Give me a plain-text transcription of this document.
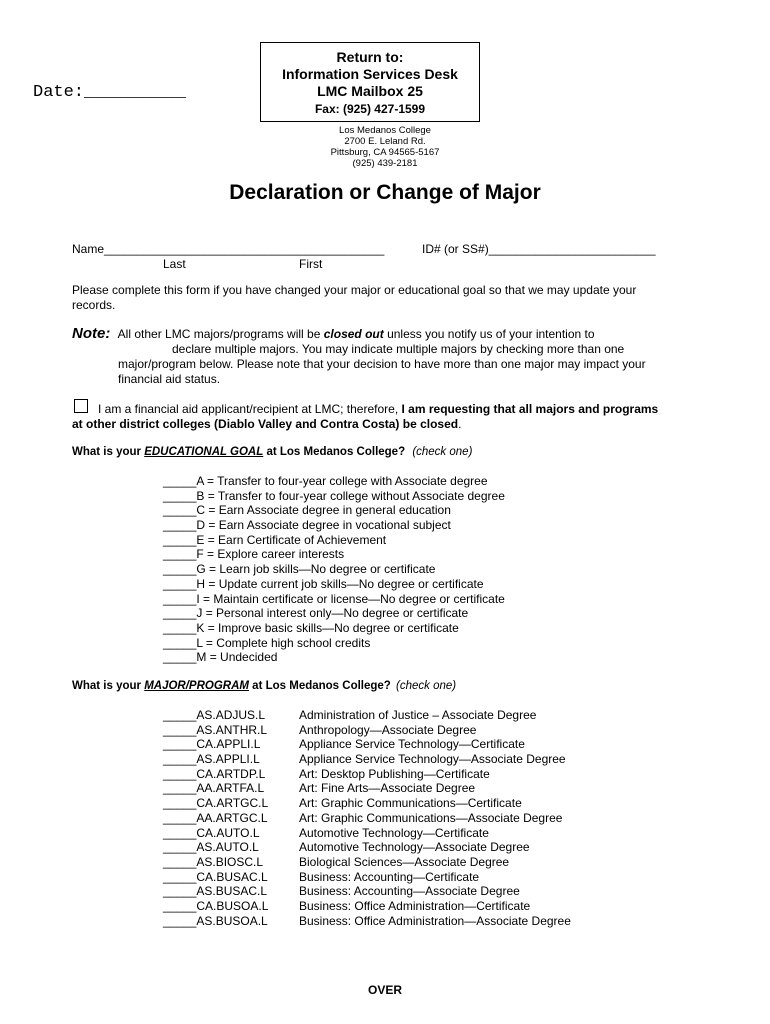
Date:__________
Return to:
Information Services Desk
LMC Mailbox 25
Fax: (925) 427-1599
Los Medanos College
2700 E. Leland Rd.
Pittsburg, CA 94565-5167
(925) 439-2181
Declaration or Change of Major
Name__________________________________________	ID# (or SS#)_________________________
Last	First
Please complete this form if you have changed your major or educational goal so that we may update your
records.
Note: All other LMC majors/programs will be closed out unless you notify us of your intention to
declare multiple majors. You may indicate multiple majors by checking more than one
major/program below. Please note that your decision to have more than one major may impact your
financial aid status.
I am a financial aid applicant/recipient at LMC; therefore, I am requesting that all majors and programs
at other district colleges (Diablo Valley and Contra Costa) be closed.
What is your EDUCATIONAL GOAL at Los Medanos College? (check one)
_____A = Transfer to four-year college with Associate degree
_____B = Transfer to four-year college without Associate degree
_____C = Earn Associate degree in general education
_____D = Earn Associate degree in vocational subject
_____E = Earn Certificate of Achievement
_____F = Explore career interests
_____G = Learn job skills—No degree or certificate
_____H = Update current job skills—No degree or certificate
_____I = Maintain certificate or license—No degree or certificate
_____J = Personal interest only—No degree or certificate
_____K = Improve basic skills—No degree or certificate
_____L = Complete high school credits
_____M = Undecided
What is your MAJOR/PROGRAM at Los Medanos College? (check one)
_____AS.ADJUS.L	Administration of Justice – Associate Degree
_____AS.ANTHR.L	Anthropology—Associate Degree
_____CA.APPLI.L	Appliance Service Technology—Certificate
_____AS.APPLI.L	Appliance Service Technology—Associate Degree
_____CA.ARTDP.L	Art: Desktop Publishing—Certificate
_____AA.ARTFA.L	Art: Fine Arts—Associate Degree
_____CA.ARTGC.L	Art: Graphic Communications—Certificate
_____AA.ARTGC.L	Art: Graphic Communications—Associate Degree
_____CA.AUTO.L	Automotive Technology—Certificate
_____AS.AUTO.L	Automotive Technology—Associate Degree
_____AS.BIOSC.L	Biological Sciences—Associate Degree
_____CA.BUSAC.L	Business: Accounting—Certificate
_____AS.BUSAC.L	Business: Accounting—Associate Degree
_____CA.BUSOA.L	Business: Office Administration—Certificate
_____AS.BUSOA.L	Business: Office Administration—Associate Degree
OVER
